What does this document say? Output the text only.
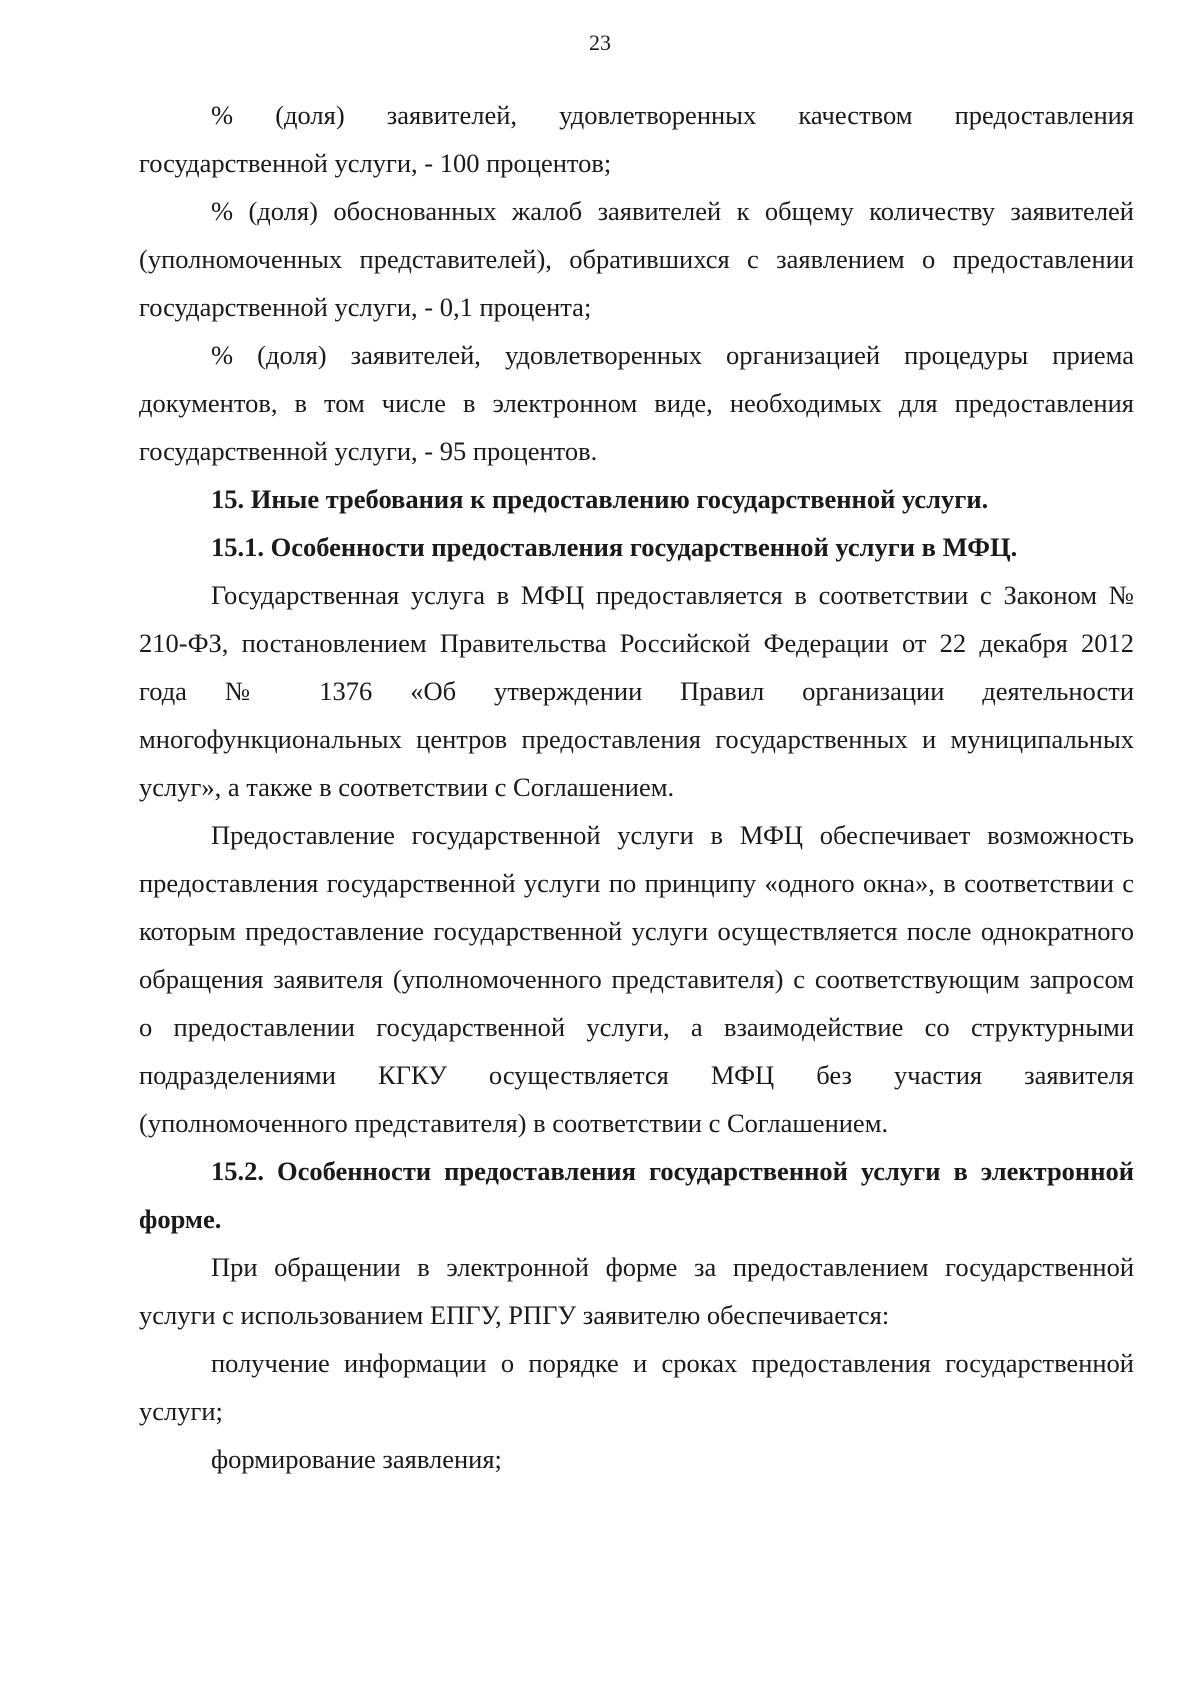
23

% (доля) заявителей, удовлетворенных качеством предоставления государственной услуги, - 100 процентов;

% (доля) обоснованных жалоб заявителей к общему количеству заявителей (уполномоченных представителей), обратившихся с заявлением о предоставлении государственной услуги, - 0,1 процента;

% (доля) заявителей, удовлетворенных организацией процедуры приема документов, в том числе в электронном виде, необходимых для предоставления государственной услуги, - 95 процентов.

15. Иные требования к предоставлению государственной услуги.

15.1. Особенности предоставления государственной услуги в МФЦ.

Государственная услуга в МФЦ предоставляется в соответствии с Законом № 210-ФЗ, постановлением Правительства Российской Федерации от 22 декабря 2012 года № 1376 «Об утверждении Правил организации деятельности многофункциональных центров предоставления государственных и муниципальных услуг», а также в соответствии с Соглашением.

Предоставление государственной услуги в МФЦ обеспечивает возможность предоставления государственной услуги по принципу «одного окна», в соответствии с которым предоставление государственной услуги осуществляется после однократного обращения заявителя (уполномоченного представителя) с соответствующим запросом о предоставлении государственной услуги, а взаимодействие со структурными подразделениями КГКУ осуществляется МФЦ без участия заявителя (уполномоченного представителя) в соответствии с Соглашением.

15.2. Особенности предоставления государственной услуги в электронной форме.

При обращении в электронной форме за предоставлением государственной услуги с использованием ЕПГУ, РПГУ заявителю обеспечивается:

получение информации о порядке и сроках предоставления государственной услуги;

формирование заявления;
